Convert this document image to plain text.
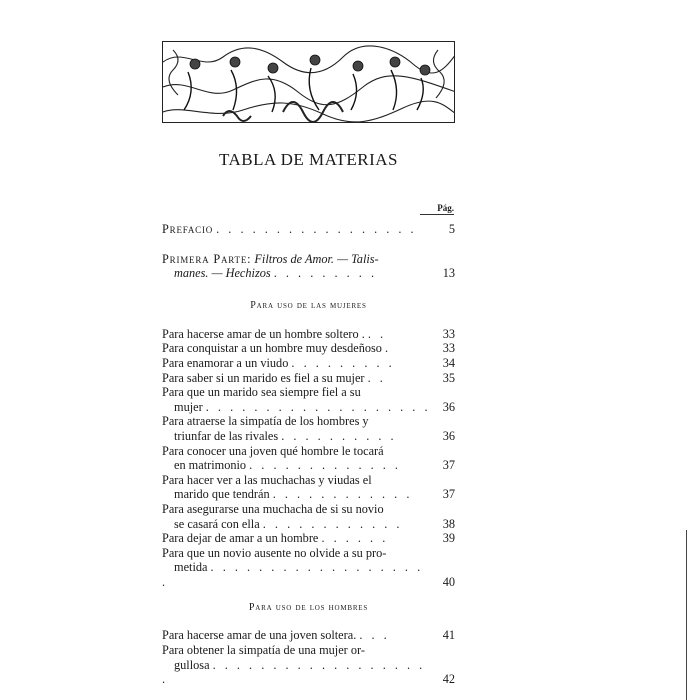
TABLA DE MATERIAS
Pág.
Prefacio . . . . . . . . . . . . . . . . .	5
Primera Parte: Filtros de Amor. — Talis-
manes. — Hechizos . . . . . . . . .	13
Para uso de las mujeres
Para hacerse amar de un hombre soltero . . .	33
Para conquistar a un hombre muy desdeñoso .	33
Para enamorar a un viudo . . . . . . . . .	34
Para saber si un marido es fiel a su mujer . .	35
Para que un marido sea siempre fiel a su
mujer . . . . . . . . . . . . . . . . . . . 36
Para atraerse la simpatía de los hombres y
triunfar de las rivales . . . . . . . . . .	36
Para conocer una joven qué hombre le tocará
en matrimonio . . . . . . . . . . . . .	37
Para hacer ver a las muchachas y viudas el
marido que tendrán . . . . . . . . . . . .	37
Para asegurarse una muchacha de si su novio
se casará con ella . . . . . . . . . . . .	38
Para dejar de amar a un hombre . . . . . .	39
Para que un novio ausente no olvide a su pro-
metida . . . . . . . . . . . . . . . . . . .	40
Para uso de los hombres
Para hacerse amar de una joven soltera. . . .	41
Para obtener la simpatía de una mujer or-
gullosa . . . . . . . . . . . . . . . . . . .	42
